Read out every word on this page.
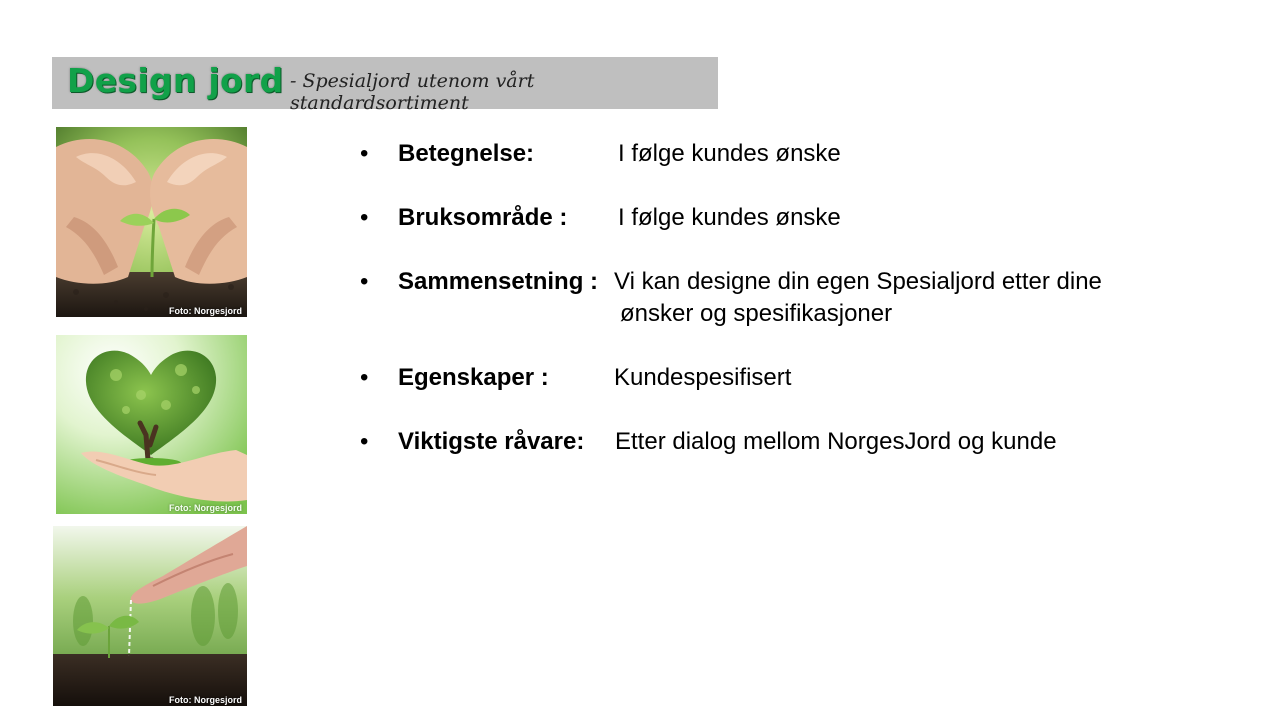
Design jord - Spesialjord utenom vårt standardsortiment
Foto: Norgesjord
Foto: Norgesjord
Foto: Norgesjord
• Betegnelse:	I følge kundes ønske
• Bruksområde : I følge kundes ønske
• Sammensetning : Vi kan designe din egen Spesialjord etter dine
ønsker og spesifikasjoner
• Egenskaper :	Kundespesifisert
• Viktigste råvare: Etter dialog mellom NorgesJord og kunde
